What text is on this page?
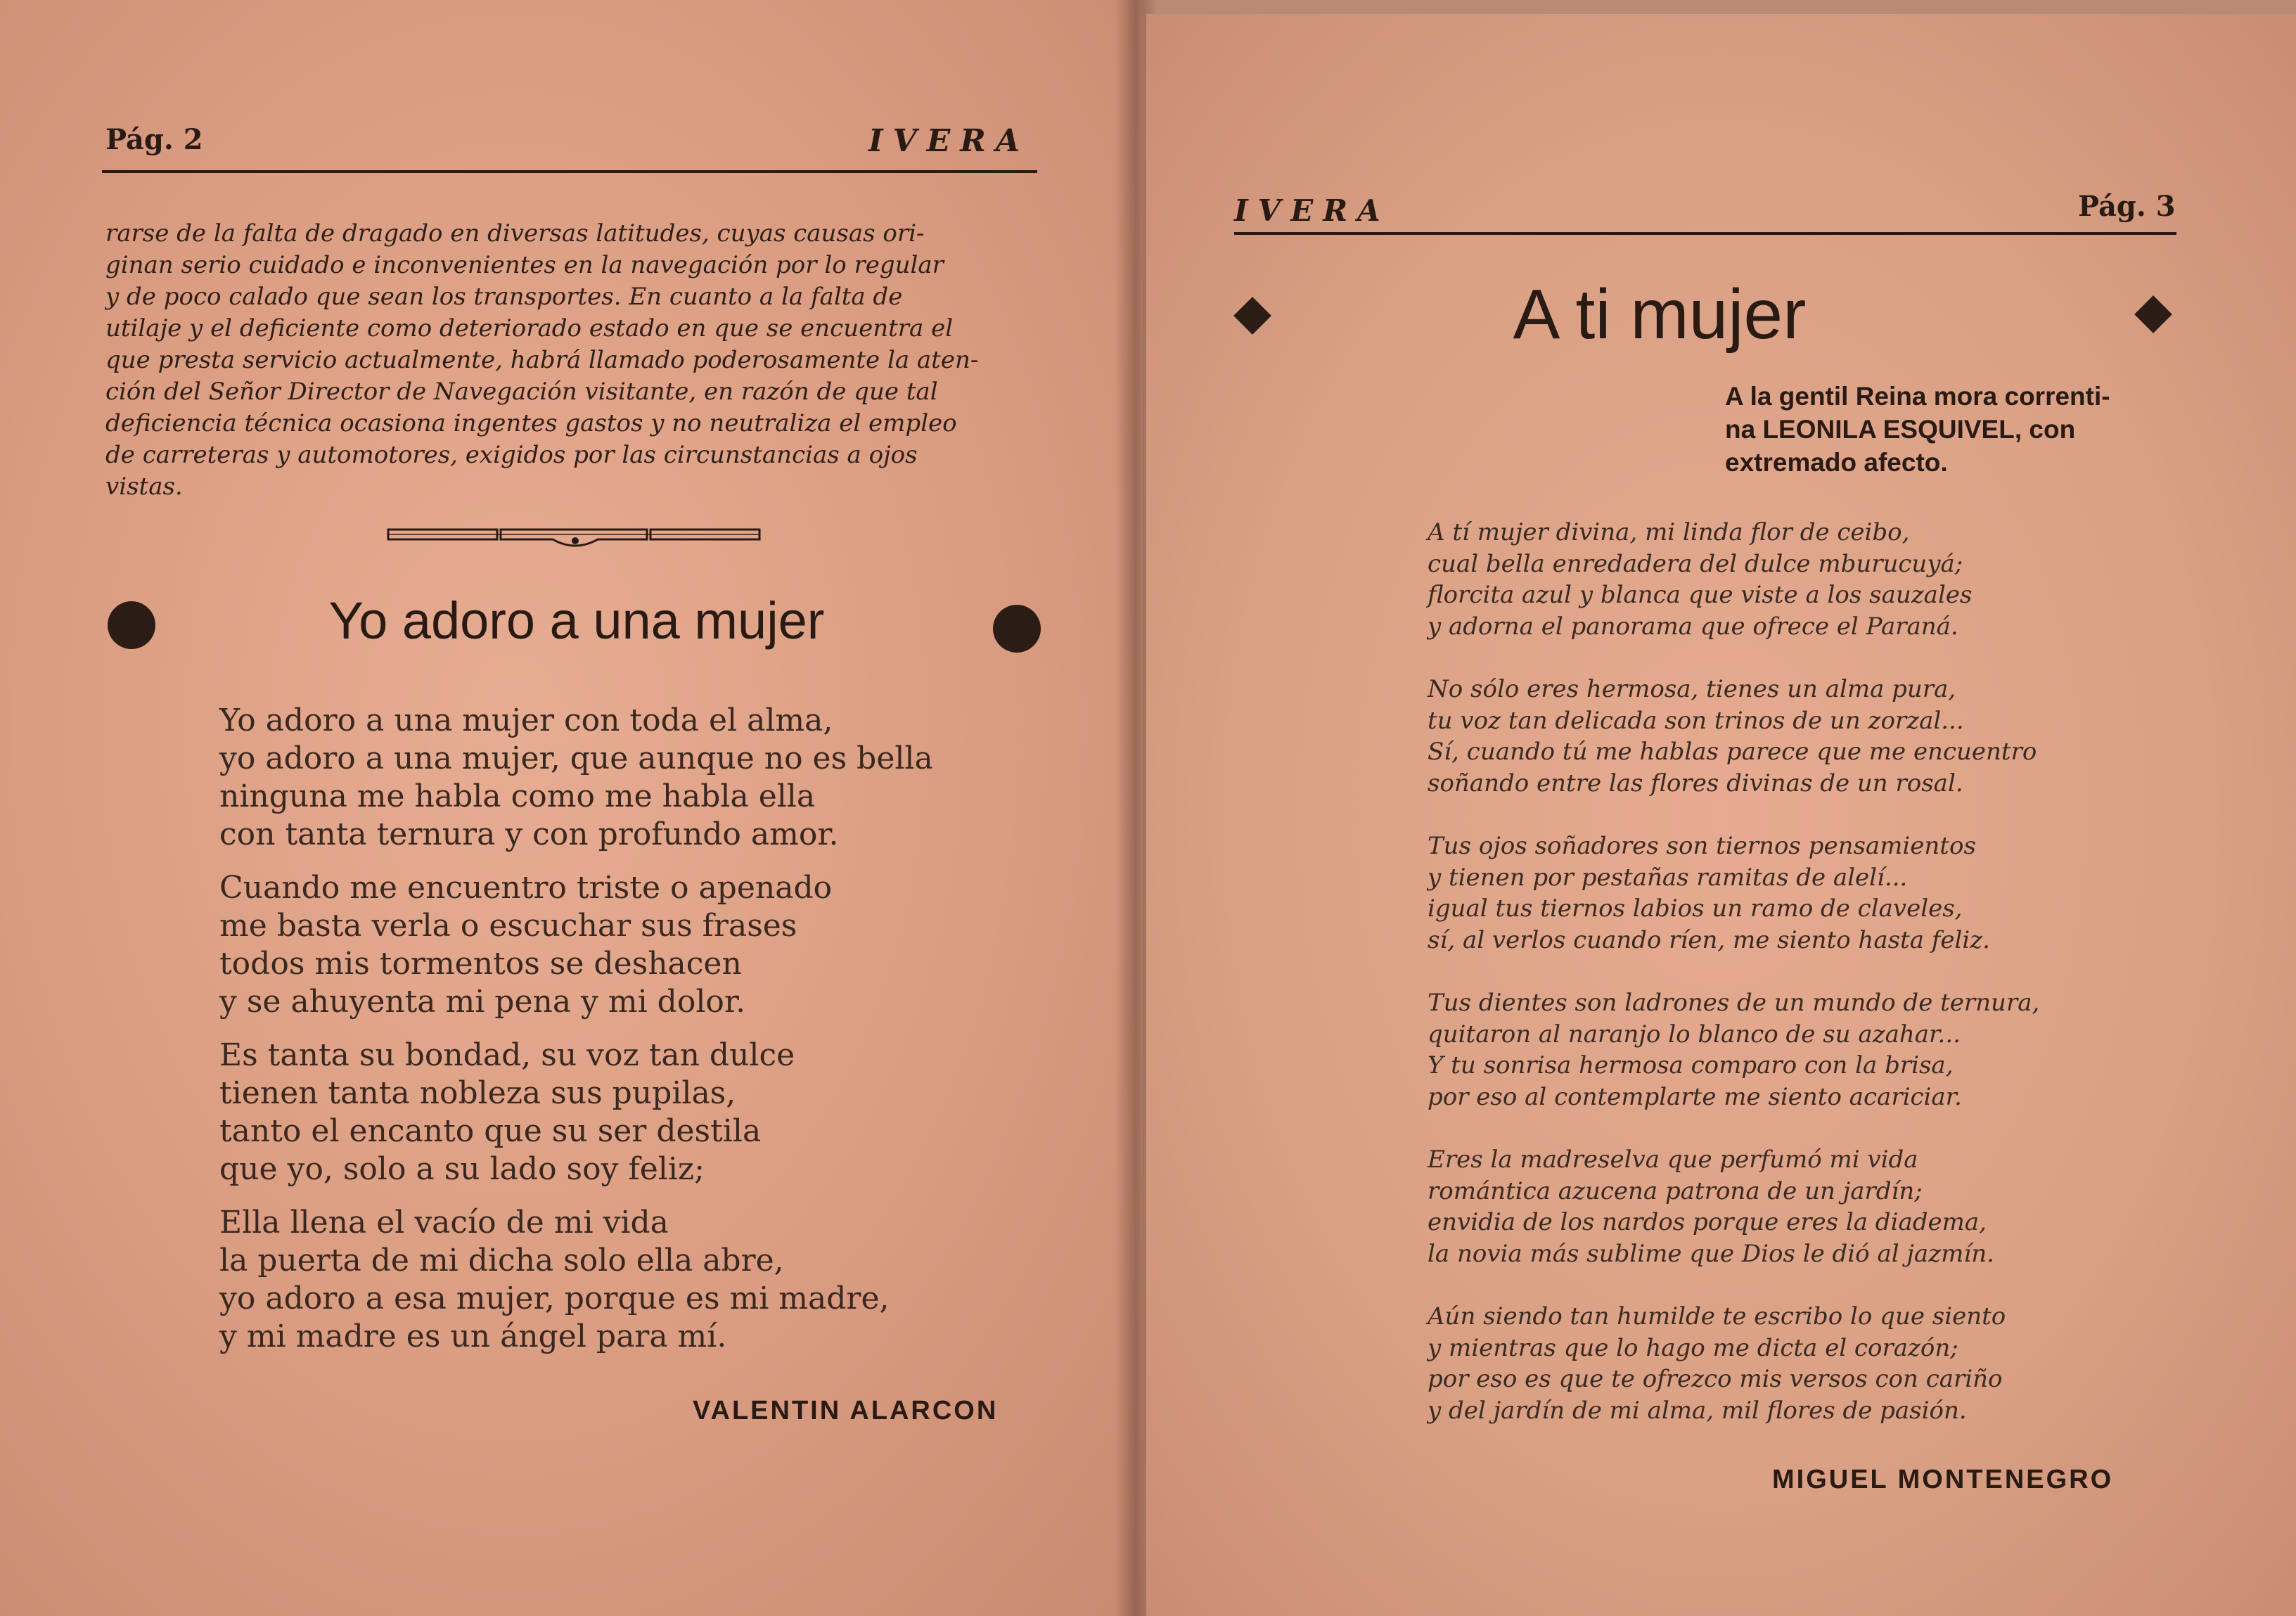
Pág. 2	IVERA
rarse de la falta de dragado en diversas latitudes, cuyas causas ori-
ginan serio cuidado e inconvenientes en la navegación por lo regular
y de poco calado que sean los transportes. En cuanto a la falta de
utilaje y el deficiente como deteriorado estado en que se encuentra el
que presta servicio actualmente, habrá llamado poderosamente la aten-
ción del Señor Director de Navegación visitante, en razón de que tal
deficiencia técnica ocasiona ingentes gastos y no neutraliza el empleo
de carreteras y automotores, exigidos por las circunstancias a ojos
vistas.
Yo adoro a una mujer
Yo adoro a una mujer con toda el alma,
yo adoro a una mujer, que aunque no es bella
ninguna me habla como me habla ella
con tanta ternura y con profundo amor.
Cuando me encuentro triste o apenado
me basta verla o escuchar sus frases
todos mis tormentos se deshacen
y se ahuyenta mi pena y mi dolor.
Es tanta su bondad, su voz tan dulce
tienen tanta nobleza sus pupilas,
tanto el encanto que su ser destila
que yo, solo a su lado soy feliz;
Ella llena el vacío de mi vida
la puerta de mi dicha solo ella abre,
yo adoro a esa mujer, porque es mi madre,
y mi madre es un ángel para mí.
VALENTIN ALARCON
IVERA	Pág. 3
A ti mujer
A la gentil Reina mora correnti-
na LEONILA ESQUIVEL, con
extremado afecto.
A tí mujer divina, mi linda flor de ceibo,
cual bella enredadera del dulce mburucuyá;
florcita azul y blanca que viste a los sauzales
y adorna el panorama que ofrece el Paraná.
No sólo eres hermosa, tienes un alma pura,
tu voz tan delicada son trinos de un zorzal...
Sí, cuando tú me hablas parece que me encuentro
soñando entre las flores divinas de un rosal.
Tus ojos soñadores son tiernos pensamientos
y tienen por pestañas ramitas de alelí...
igual tus tiernos labios un ramo de claveles,
sí, al verlos cuando ríen, me siento hasta feliz.
Tus dientes son ladrones de un mundo de ternura,
quitaron al naranjo lo blanco de su azahar...
Y tu sonrisa hermosa comparo con la brisa,
por eso al contemplarte me siento acariciar.
Eres la madreselva que perfumó mi vida
romántica azucena patrona de un jardín;
envidia de los nardos porque eres la diadema,
la novia más sublime que Dios le dió al jazmín.
Aún siendo tan humilde te escribo lo que siento
y mientras que lo hago me dicta el corazón;
por eso es que te ofrezco mis versos con cariño
y del jardín de mi alma, mil flores de pasión.
MIGUEL MONTENEGRO
